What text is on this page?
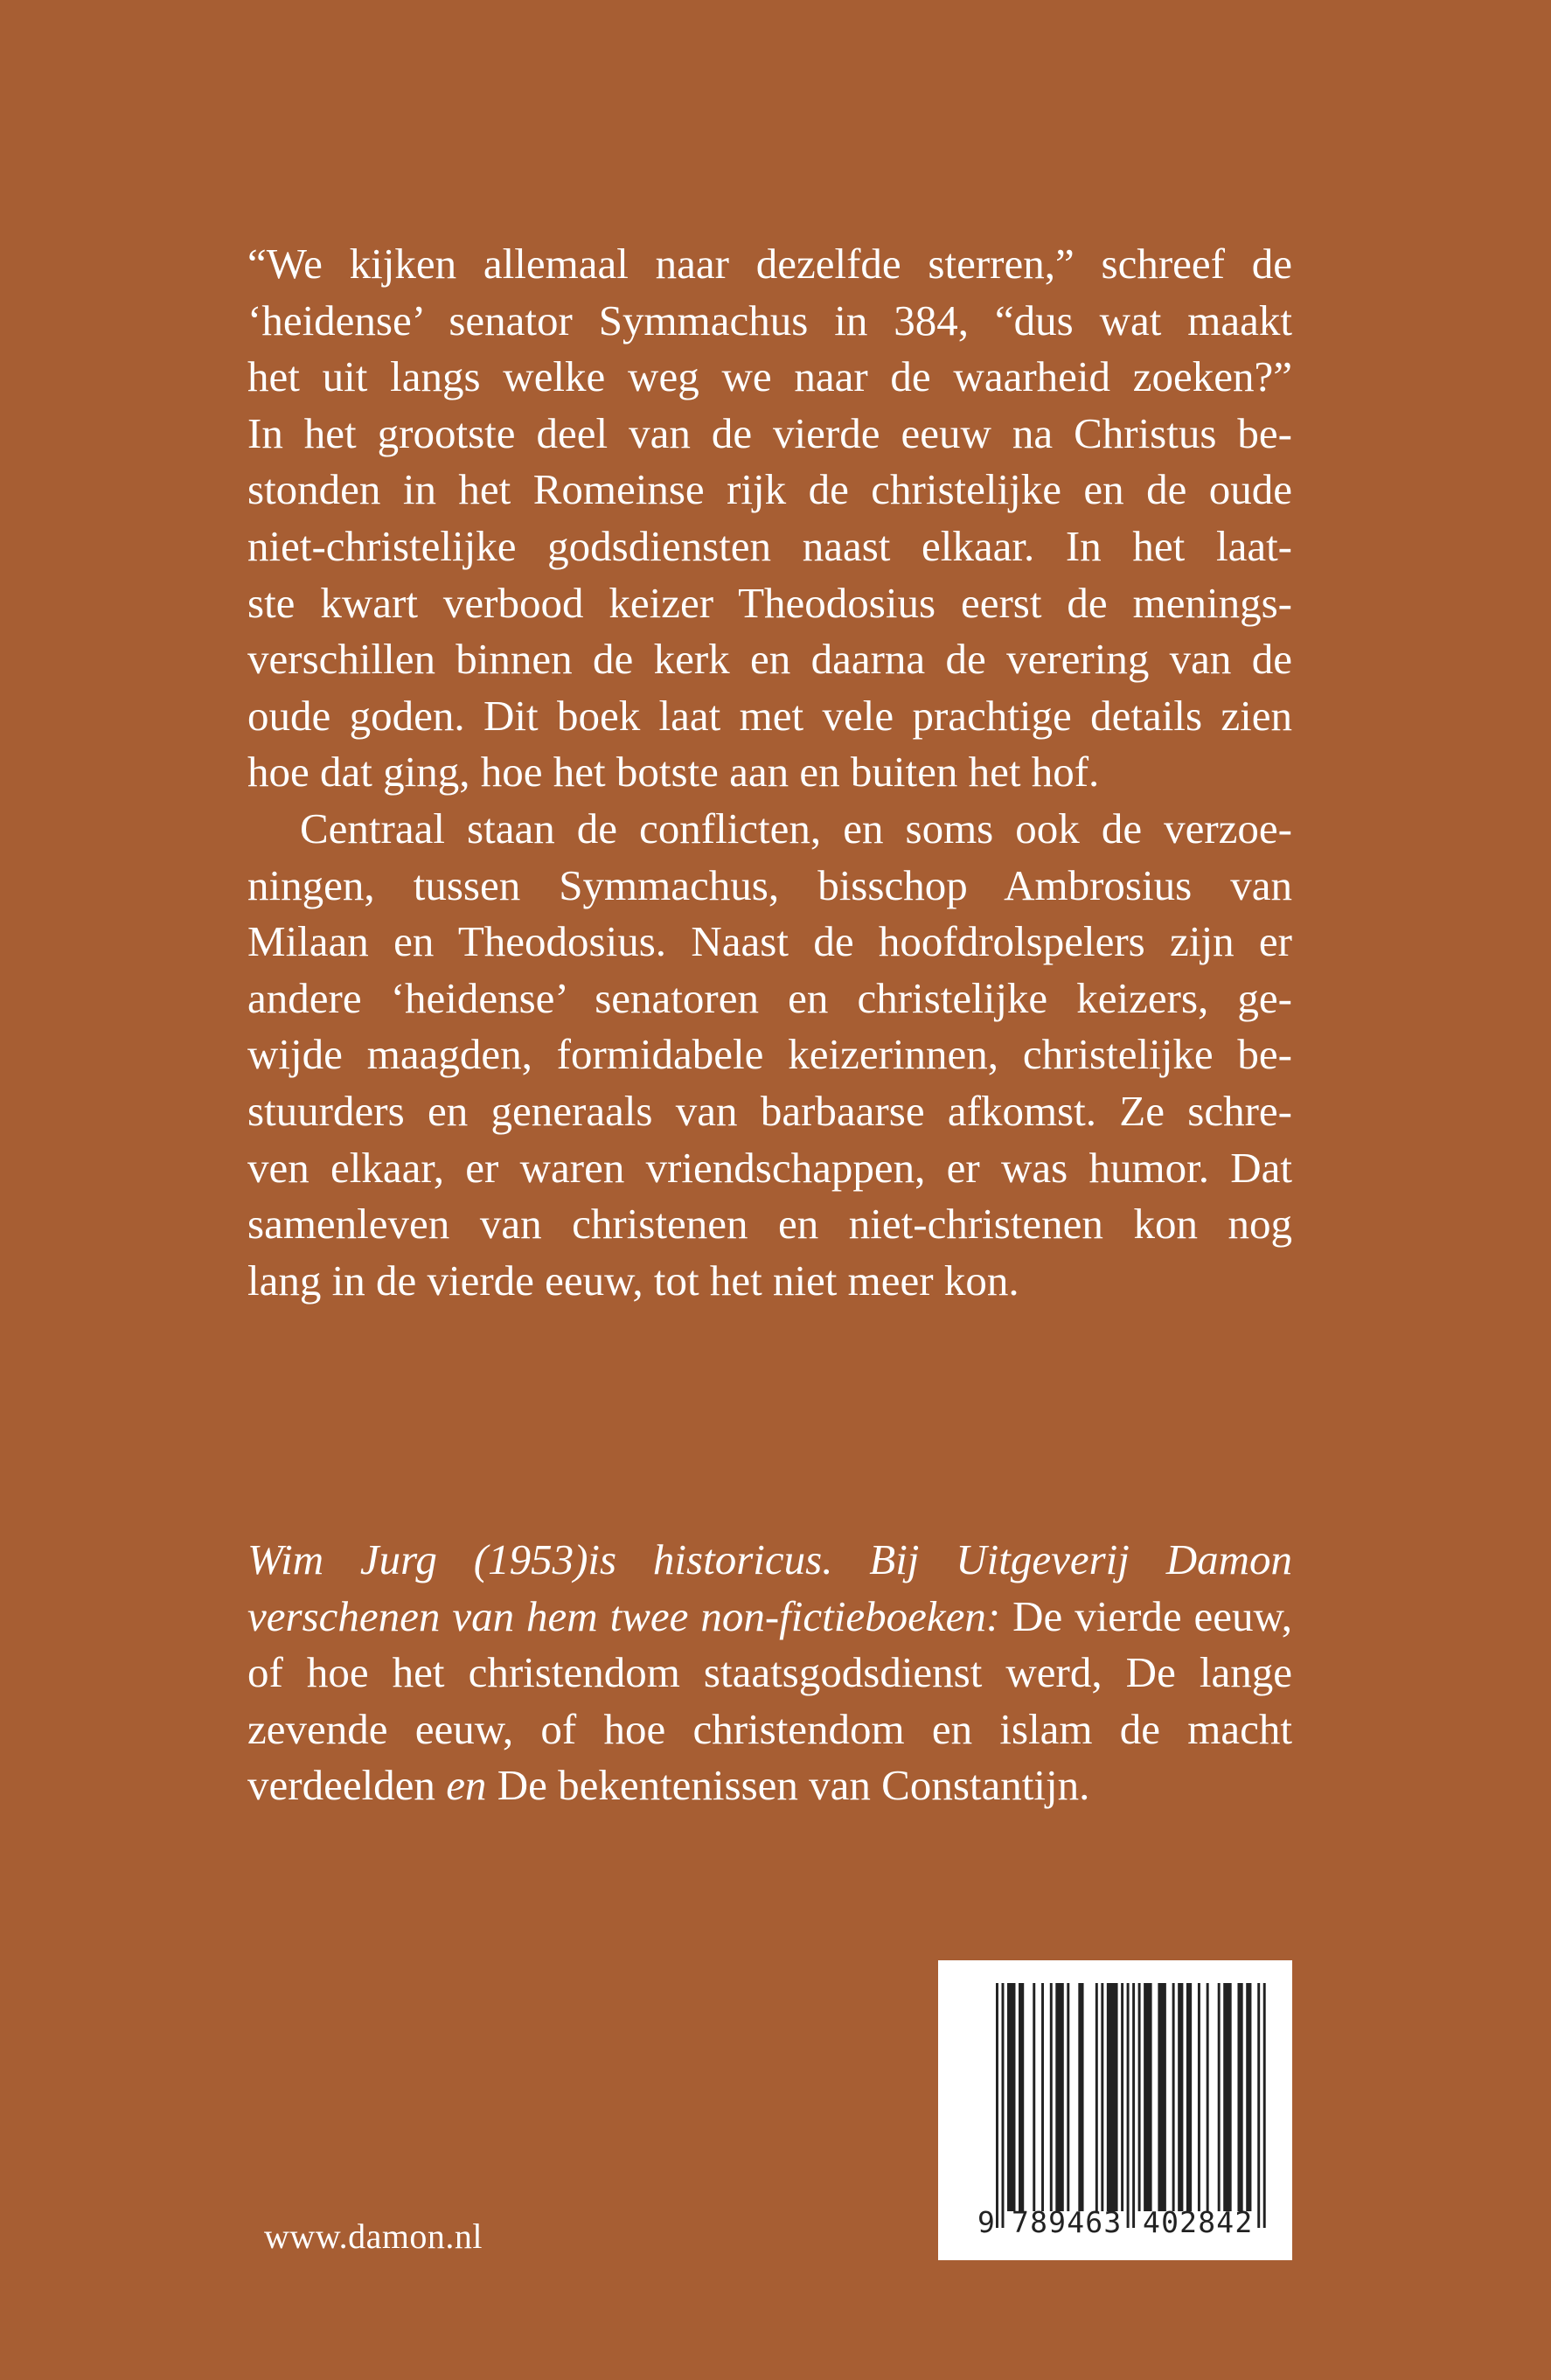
“We kijken allemaal naar dezelfde sterren,” schreef de
‘heidense’ senator Symmachus in 384, “dus wat maakt
het uit langs welke weg we naar de waarheid zoeken?”
In het grootste deel van de vierde eeuw na Christus be-
stonden in het Romeinse rijk de christelijke en de oude
niet-christelijke godsdiensten naast elkaar. In het laat-
ste kwart verbood keizer Theodosius eerst de menings-
verschillen binnen de kerk en daarna de verering van de
oude goden. Dit boek laat met vele prachtige details zien
hoe dat ging, hoe het botste aan en buiten het hof.

Centraal staan de conflicten, en soms ook de verzoe-
ningen, tussen Symmachus, bisschop Ambrosius van
Milaan en Theodosius. Naast de hoofdrolspelers zijn er
andere ‘heidense’ senatoren en christelijke keizers, ge-
wijde maagden, formidabele keizerinnen, christelijke be-
stuurders en generaals van barbaarse afkomst. Ze schre-
ven elkaar, er waren vriendschappen, er was humor. Dat
samenleven van christenen en niet-christenen kon nog
lang in de vierde eeuw, tot het niet meer kon.

Wim Jurg (1953)is historicus. Bij Uitgeverij Damon verschenen van hem twee non-fictieboeken: De vierde eeuw, of hoe het christendom staatsgodsdienst werd, De lange zevende eeuw, of hoe christendom en islam de macht verdeelden en De bekentenissen van Constantijn.

www.damon.nl	9 789463 402842
